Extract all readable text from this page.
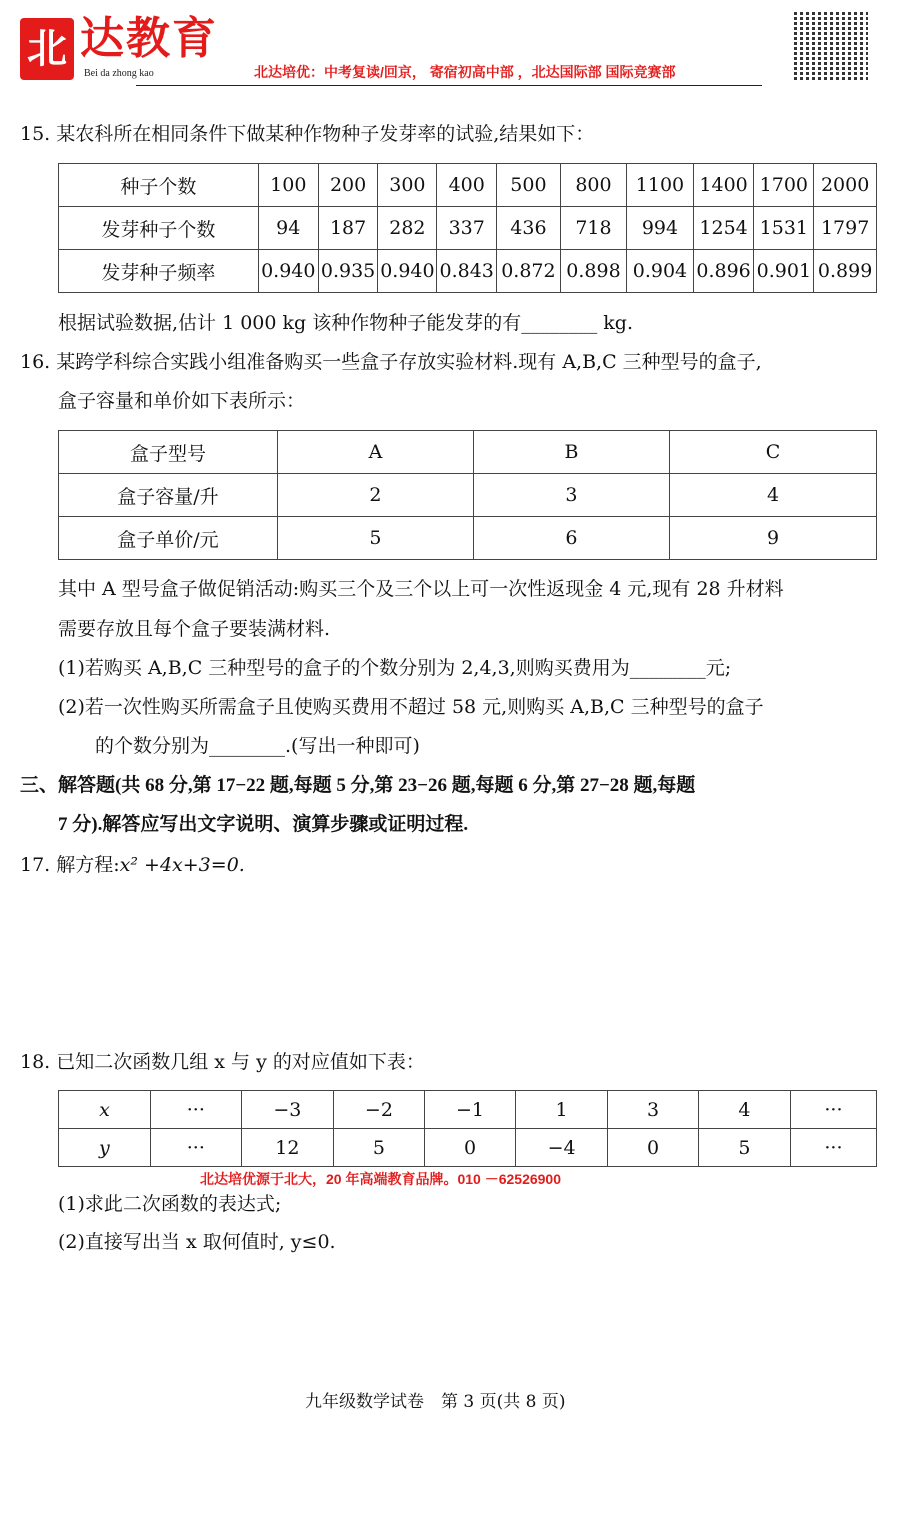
北 达教育
Bei da zhong kao	北达培优：中考复读/回京， 寄宿初高中部 ，北达国际部 国际竞赛部
15. 某农科所在相同条件下做某种作物种子发芽率的试验,结果如下：
种子个数	100	200	300	400	500	800	1100	1400	1700	2000
发芽种子个数	94	187	282	337	436	718	994	1254	1531	1797
发芽种子频率	0.940	0.935	0.940	0.843	0.872	0.898	0.904	0.896	0.901	0.899
根据试验数据,估计 1 000 kg 该种作物种子能发芽的有________ kg.
16. 某跨学科综合实践小组准备购买一些盒子存放实验材料.现有 A,B,C 三种型号的盒子,
盒子容量和单价如下表所示：
盒子型号	A	B	C
盒子容量/升	2	3	4
盒子单价/元	5	6	9
其中 A 型号盒子做促销活动:购买三个及三个以上可一次性返现金 4 元,现有 28 升材料
需要存放且每个盒子要装满材料.
(1)若购买 A,B,C 三种型号的盒子的个数分别为 2,4,3,则购买费用为________元;
(2)若一次性购买所需盒子且使购买费用不超过 58 元,则购买 A,B,C 三种型号的盒子
的个数分别为________.(写出一种即可)
三、解答题(共 68 分,第 17−22 题,每题 5 分,第 23−26 题,每题 6 分,第 27−28 题,每题
7 分).解答应写出文字说明、演算步骤或证明过程.
17. 解方程:x² +4x+3=0.
18. 已知二次函数几组 x 与 y 的对应值如下表：
x	···	−3	−2	−1	1	3	4	···
y	···	12	5	0	−4	0	5	···
北达培优源于北大，20 年高端教育品牌。010 －62526900
(1)求此二次函数的表达式;
(2)直接写出当 x 取何值时, y≤0.
九年级数学试卷　第 3 页(共 8 页)
